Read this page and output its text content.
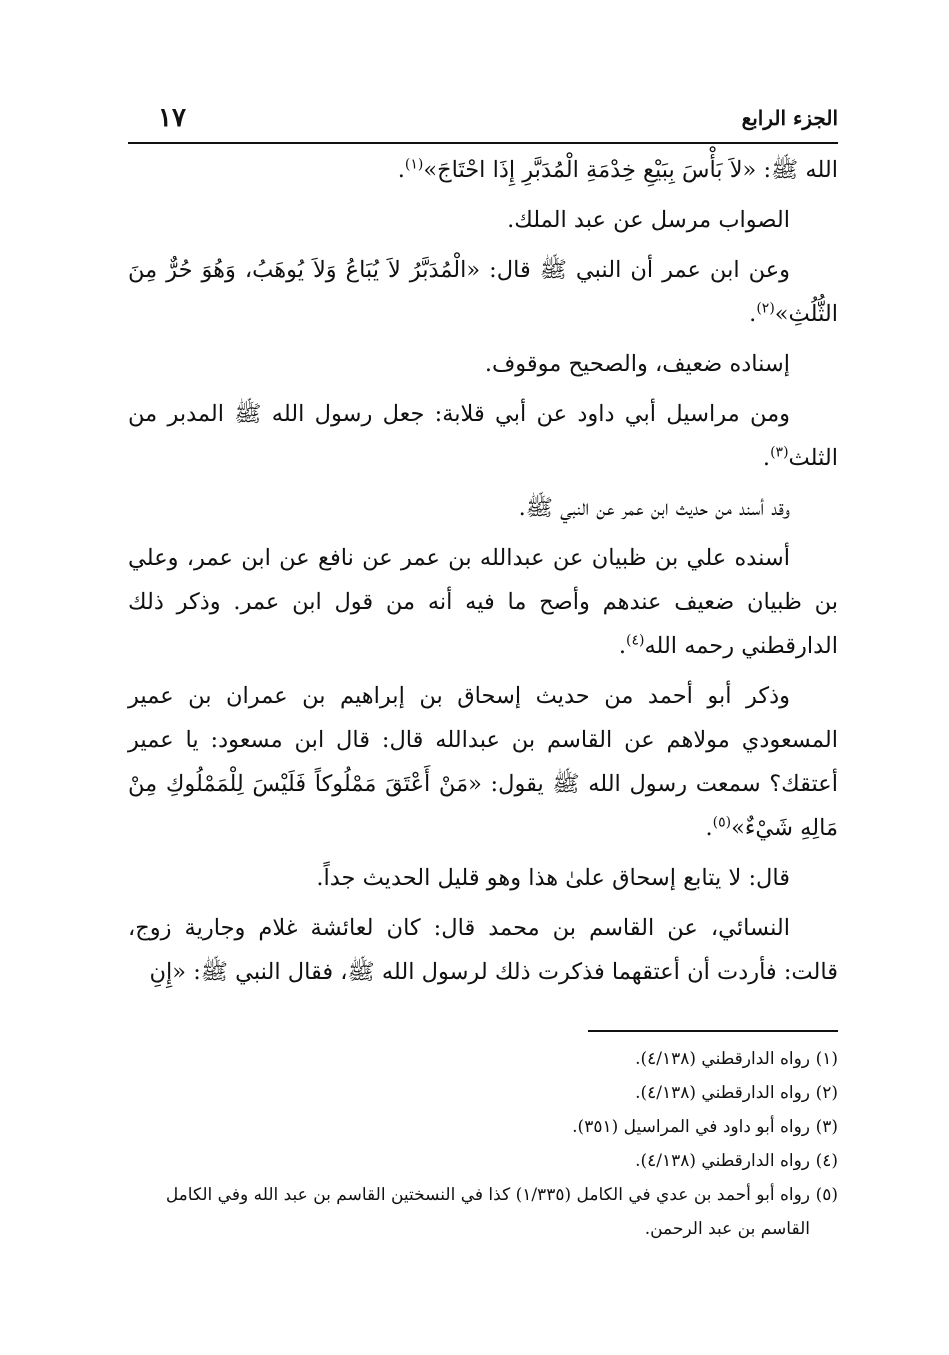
الجزء الرابع
١٧

الله ﷺ: «لاَ بَأْسَ بِبَيْعِ خِدْمَةِ الْمُدَبَّرِ إِذَا احْتَاجَ»$^{(١)}$.

الصواب مرسل عن عبد الملك.

وعن ابن عمر أن النبي ﷺ قال: «الْمُدَبَّرُ لاَ يُبَاعُ وَلاَ يُوهَبُ، وَهُوَ حُرٌّ مِنَ الثُّلُثِ»$^{(٢)}$.

إسناده ضعيف، والصحيح موقوف.

ومن مراسيل أبي داود عن أبي قلابة: جعل رسول الله ﷺ المدبر من الثلث$^{(٣)}$.

وقد أسند من حديث ابن عمر عن النبي ﷺ.

أسنده علي بن ظبيان عن عبدالله بن عمر عن نافع عن ابن عمر، وعلي بن ظبيان ضعيف عندهم وأصح ما فيه أنه من قول ابن عمر. وذكر ذلك الدارقطني رحمه الله$^{(٤)}$.

وذكر أبو أحمد من حديث إسحاق بن إبراهيم بن عمران بن عمير المسعودي مولاهم عن القاسم بن عبدالله قال: قال ابن مسعود: يا عمير أعتقك؟ سمعت رسول الله ﷺ يقول: «مَنْ أَعْتَقَ مَمْلُوكاً فَلَيْسَ لِلْمَمْلُوكِ مِنْ مَالِهِ شَيْءٌ»$^{(٥)}$.

قال: لا يتابع إسحاق علىٰ هذا وهو قليل الحديث جداً.

النسائي، عن القاسم بن محمد قال: كان لعائشة غلام وجارية زوج، قالت: فأردت أن أعتقهما فذكرت ذلك لرسول الله ﷺ، فقال النبي ﷺ: «إِنِ

(١)رواه الدارقطني (٤/١٣٨).

(٢)رواه الدارقطني (٤/١٣٨).

(٣)رواه أبو داود في المراسيل (٣٥١).

(٤)رواه الدارقطني (٤/١٣٨).

(٥)رواه أبو أحمد بن عدي في الكامل (١/٣٣٥) كذا في النسختين القاسم بن عبد الله وفي الكامل القاسم بن عبد الرحمن.
